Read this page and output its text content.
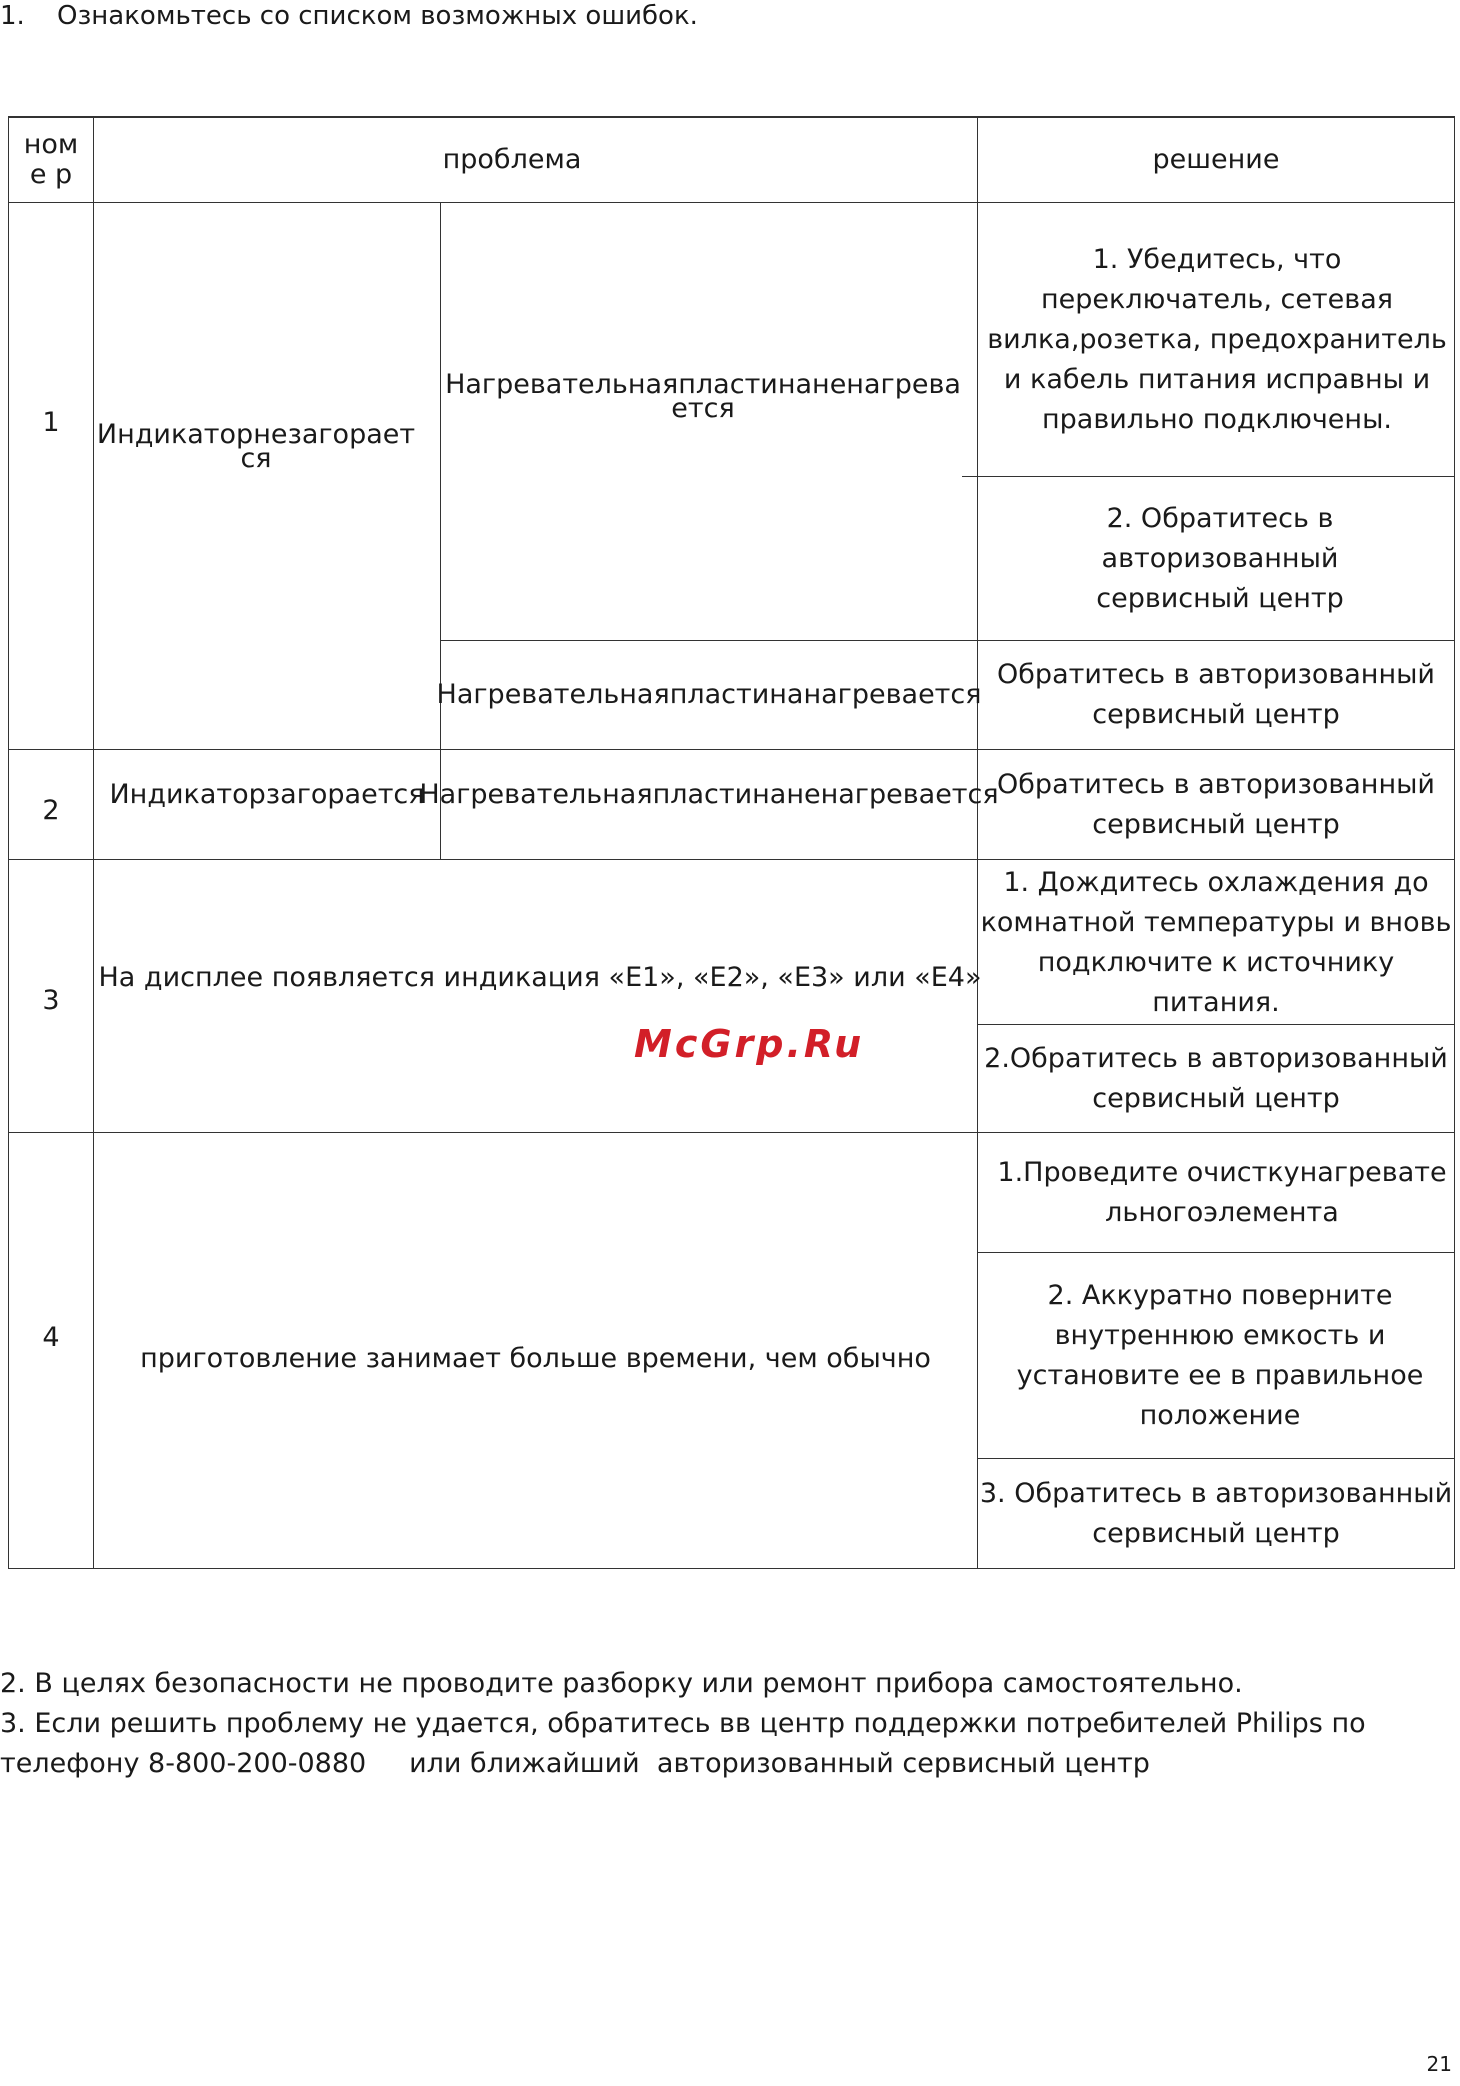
1. Ознакомьтесь со списком возможных ошибок.
номе р	проблема	решение
1 Индикаторнезагорается
Нагревательнаяпластинаненагревается
1. Убедитесь, что переключатель, сетевая вилка,розетка, предохранитель и кабель питания исправны и правильно подключены.
2. Обратитесь в авторизованный сервисный центр
Нагревательнаяпластинанагревается
Обратитесь в авторизованный сервисный центр
2 Индикаторзагорается
Нагревательнаяпластинаненагревается
Обратитесь в авторизованный сервисный центр
3
На дисплее появляется индикация «E1», «E2», «E3» или «E4»
1. Дождитесь охлаждения до комнатной температуры и вновь подключите к источнику питания.
2.Обратитесь в авторизованный сервисный центр
4
приготовление занимает больше времени, чем обычно
1.Проведите очисткунагревательногоэлемента
2. Аккуратно поверните внутреннюю емкость и установите ее в правильное положение
3. Обратитесь в авторизованный сервисный центр
McGrp.Ru
2. В целях безопасности не проводите разборку или ремонт прибора самостоятельно.
3. Если решить проблему не удается, обратитесь вв центр поддержки потребителей Philips по
телефону 8-800-200-0880     или ближайший  авторизованный сервисный центр
21
